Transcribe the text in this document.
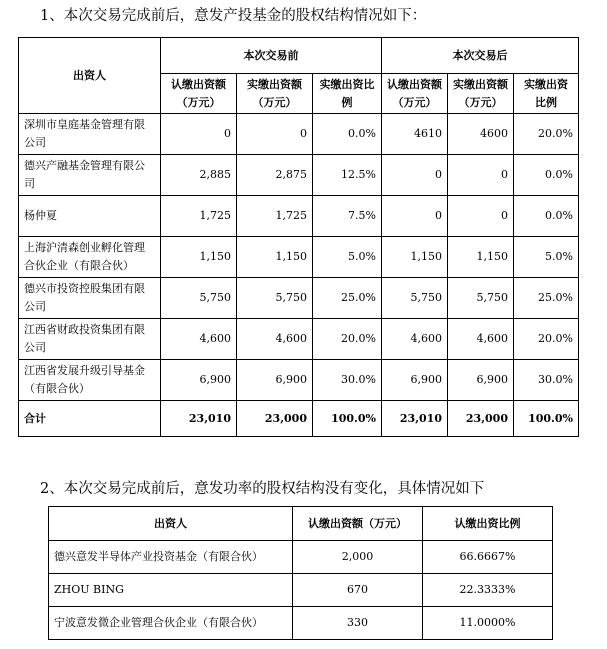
1、本次交易完成前后，意发产投基金的股权结构情况如下：
出资人	本次交易前			本次交易后		
	认缴出资额（万元）	实缴出资额（万元）	实缴出资比例	认缴出资额（万元）	实缴出资额（万元）	实缴出资比例
深圳市皇庭基金管理有限公司	0	0	0.0%	4610	4600	20.0%
德兴产融基金管理有限公司	2,885	2,875	12.5%	0	0	0.0%
杨仲夏	1,725	1,725	7.5%	0	0	0.0%
上海沪清森创业孵化管理合伙企业（有限合伙）	1,150	1,150	5.0%	1,150	1,150	5.0%
德兴市投资控股集团有限公司	5,750	5,750	25.0%	5,750	5,750	25.0%
江西省财政投资集团有限公司	4,600	4,600	20.0%	4,600	4,600	20.0%
江西省发展升级引导基金（有限合伙）	6,900	6,900	30.0%	6,900	6,900	30.0%
合计	23,010	23,000	100.0%	23,010	23,000	100.0%
2、本次交易完成前后，意发功率的股权结构没有变化，具体情况如下
出资人	认缴出资额（万元）	认缴出资比例
德兴意发半导体产业投资基金（有限合伙）	2,000	66.6667%
ZHOU BING	670	22.3333%
宁波意发微企业管理合伙企业（有限合伙）	330	11.0000%
